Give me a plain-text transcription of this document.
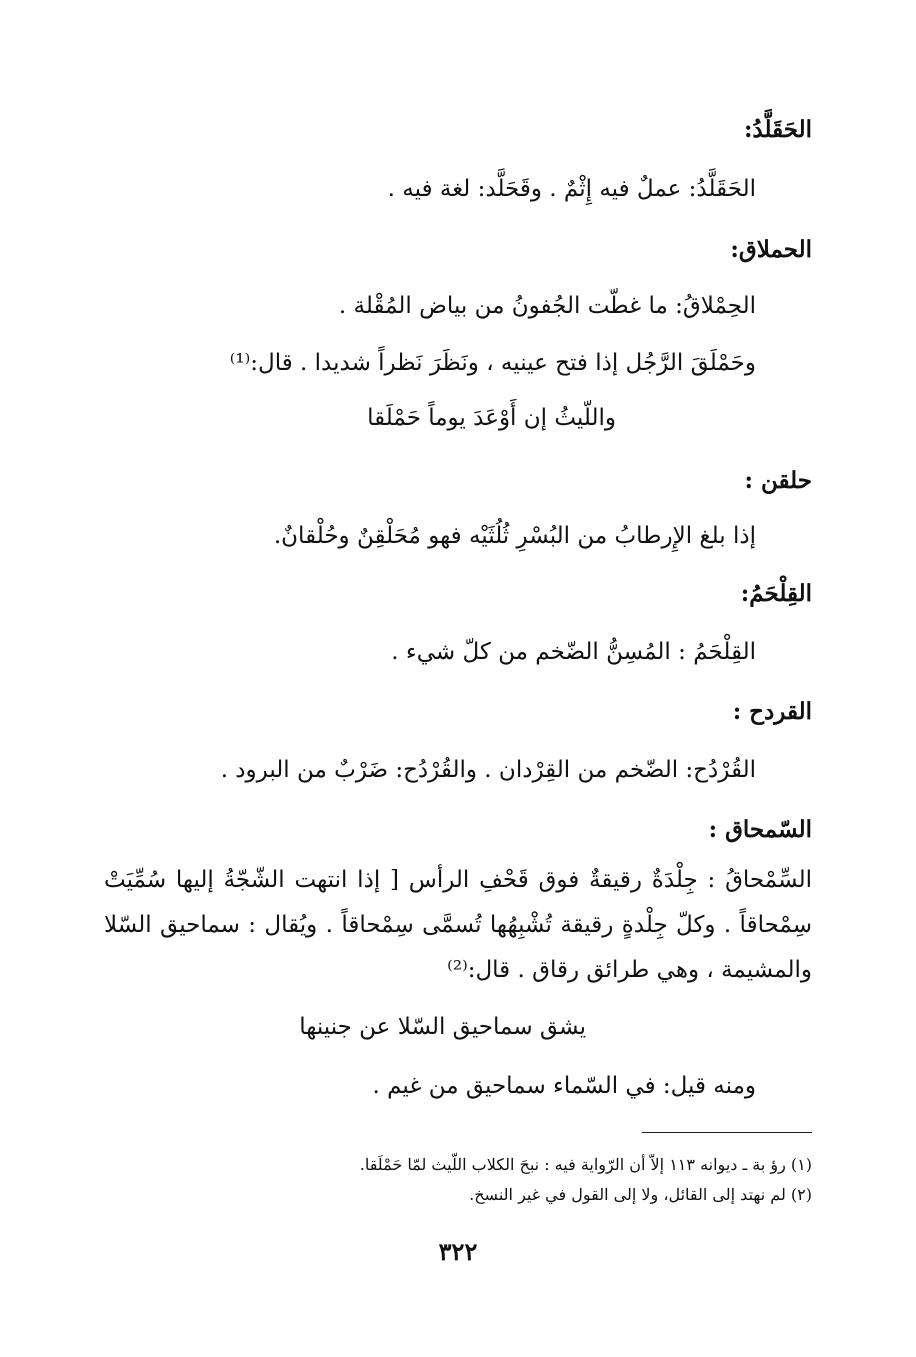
الحَقَلَّدُ:
الحَقَلَّدُ: عملٌ فيه إِثْمٌ . وقَحَلَّد: لغة فيه .
الحملاق:
الحِمْلاقُ: ما غطّت الجُفونُ من بياض المُقْلة .
وحَمْلَقَ الرَّجُل إذا فتح عينيه ، ونَظَرَ نَظراً شديدا . قال:⁽¹⁾
واللّيثُ إن أَوْعَدَ يوماً حَمْلَقا
حلقن :
إذا بلغ الإِرطابُ من البُسْرِ ثُلُثَيْه فهو مُحَلْقِنٌ وحُلْقانٌ.
القِلْحَمُ:
القِلْحَمُ : المُسِنُّ الضّخم من كلّ شيء .
القردح :
القُرْدُح: الضّخم من القِرْدان . والقُرْدُح: ضَرْبٌ من البرود .
السّمحاق :
السِّمْحاقُ : جِلْدَةٌ رقيقةٌ فوق قَحْفِ الرأس [ إذا انتهت الشّجّةُ إليها سُمِّيَتْ سِمْحاقاً . وكلّ جِلْدةٍ رقيقة تُشْبِهُها تُسمَّى سِمْحاقاً . ويُقال : سماحيق السّلا والمشيمة ، وهي طرائق رقاق . قال:⁽²⁾
يشق سماحيق السّلا عن جنينها
ومنه قيل: في السّماء سماحيق من غيم .
(١) رؤ بة ـ ديوانه ١١٣ إلاّ أن الرّواية فيه : نبحَ الكلاب اللّيث لمّا حَمْلَقا.
(٢) لم نهتد إلى القائل، ولا إلى القول في غير النسخ.
٣٢٢
